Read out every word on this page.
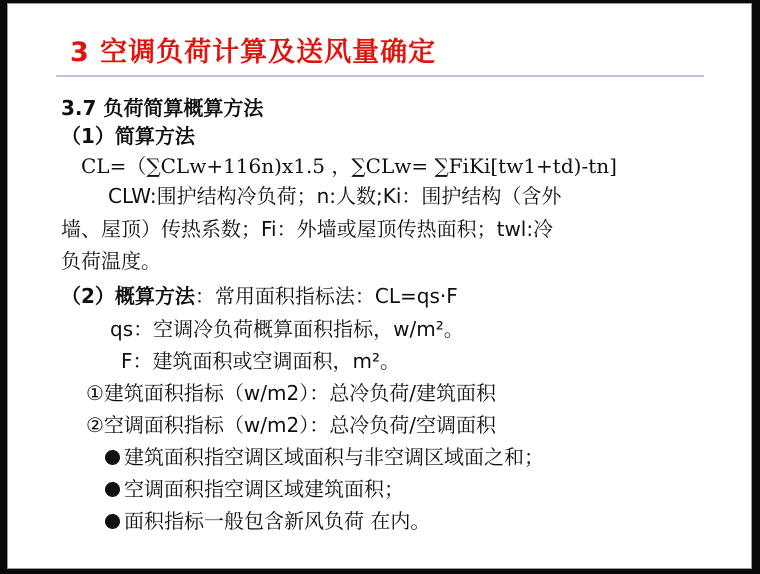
3 空调负荷计算及送风量确定
3.7 负荷简算概算方法
（1）简算方法
CL=（∑CLw+116n)x1.5 ，∑CLw= ∑FiKi[tw1+td)-tn]
CLW:围护结构冷负荷；n:人数;Ki：围护结构（含外
墙、屋顶）传热系数；Fi：外墙或屋顶传热面积；twl:冷
负荷温度。
（2）概算方法：常用面积指标法：CL=qs·F
qs：空调冷负荷概算面积指标，w/m²。
F：建筑面积或空调面积，m²。
①建筑面积指标（w/m2）：总冷负荷/建筑面积
②空调面积指标（w/m2）：总冷负荷/空调面积
建筑面积指空调区域面积与非空调区域面之和；
空调面积指空调区域建筑面积；
面积指标一般包含新风负荷 在内。
